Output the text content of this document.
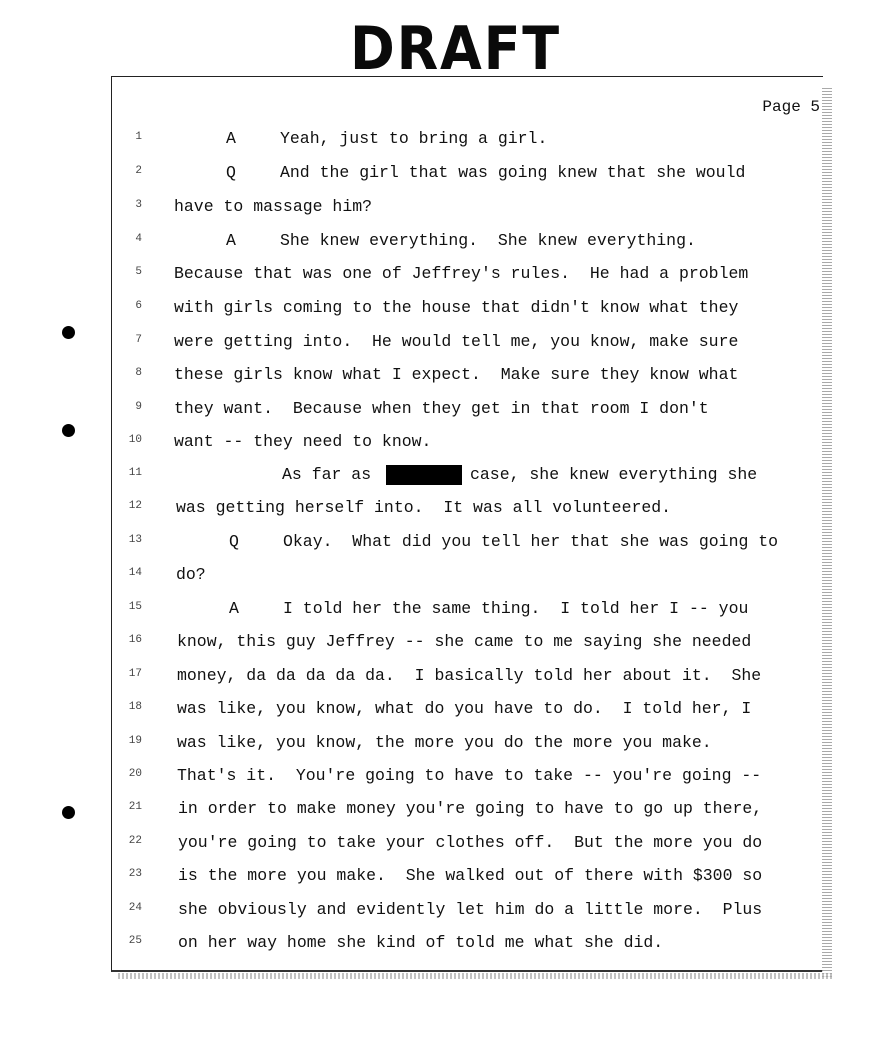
DRAFT
Page 5
1	A	Yeah, just to bring a girl.
2	Q	And the girl that was going knew that she would
3 have to massage him?
4	A	She knew everything.  She knew everything.
5 Because that was one of Jeffrey's rules.  He had a problem
6 with girls coming to the house that didn't know what they
7 were getting into.  He would tell me, you know, make sure
8 these girls know what I expect.  Make sure they know what
9 they want.  Because when they get in that room I don't
10 want -- they need to know.
11	As far as	case, she knew everything she
12 was getting herself into.  It was all volunteered.
13	Q	Okay.  What did you tell her that she was going to
14 do?
15	A	I told her the same thing.  I told her I -- you
16 know, this guy Jeffrey -- she came to me saying she needed
17 money, da da da da da.  I basically told her about it.  She
18 was like, you know, what do you have to do.  I told her, I
19 was like, you know, the more you do the more you make.
20 That's it.  You're going to have to take -- you're going --
21 in order to make money you're going to have to go up there,
22 you're going to take your clothes off.  But the more you do
23 is the more you make.  She walked out of there with $300 so
24 she obviously and evidently let him do a little more.  Plus
25 on her way home she kind of told me what she did.
